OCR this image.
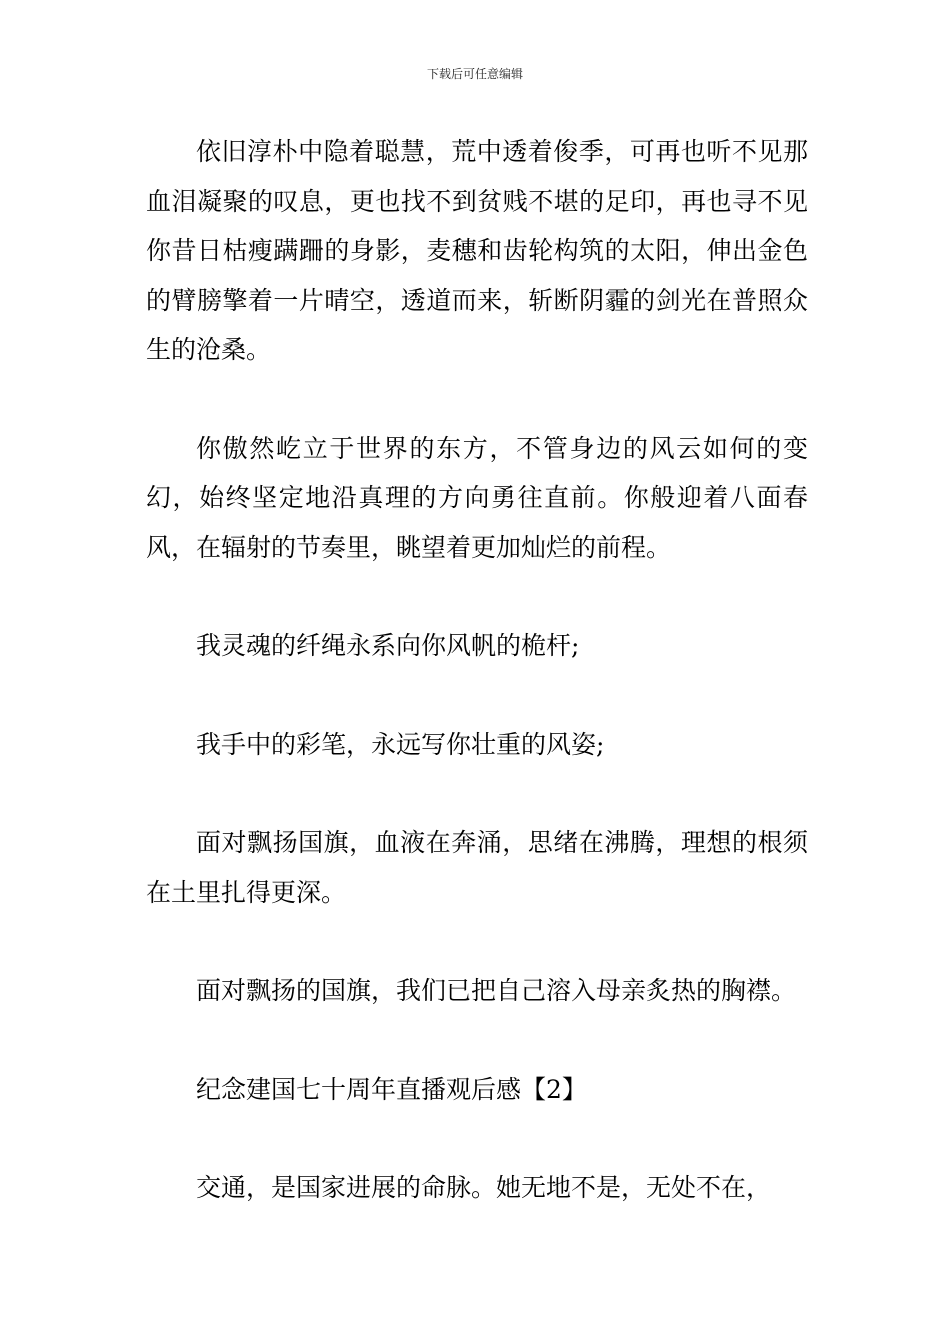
下载后可任意编辑

依旧淳朴中隐着聪慧，荒中透着俊季，可再也听不见那血泪凝聚的叹息，更也找不到贫贱不堪的足印，再也寻不见你昔日枯瘦蹒跚的身影，麦穗和齿轮构筑的太阳，伸出金色的臂膀擎着一片晴空，透道而来，斩断阴霾的剑光在普照众生的沧桑。

你傲然屹立于世界的东方，不管身边的风云如何的变幻，始终坚定地沿真理的方向勇往直前。你般迎着八面春风，在辐射的节奏里，眺望着更加灿烂的前程。

我灵魂的纤绳永系向你风帆的桅杆;

我手中的彩笔，永远写你壮重的风姿;

面对飘扬国旗，血液在奔涌，思绪在沸腾，理想的根须在土里扎得更深。

面对飘扬的国旗，我们已把自己溶入母亲炙热的胸襟。

纪念建国七十周年直播观后感【2】

交通，是国家进展的命脉。她无地不是，无处不在，
